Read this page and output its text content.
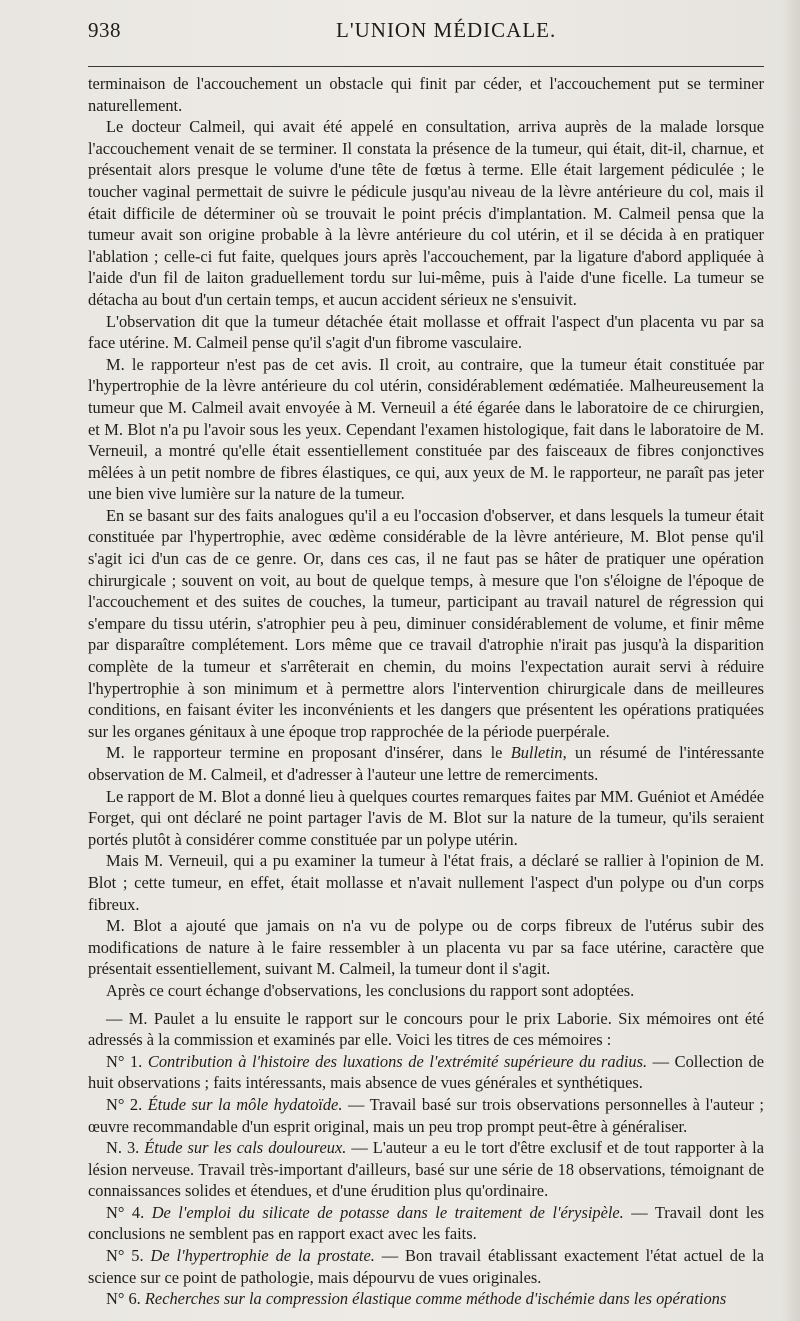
938	L'UNION MÉDICALE.

terminaison de l'accouchement un obstacle qui finit par céder, et l'accouchement put se terminer naturellement.

Le docteur Calmeil, qui avait été appelé en consultation, arriva auprès de la malade lorsque l'accouchement venait de se terminer. Il constata la présence de la tumeur, qui était, dit-il, charnue, et présentait alors presque le volume d'une tête de fœtus à terme. Elle était largement pédiculée ; le toucher vaginal permettait de suivre le pédicule jusqu'au niveau de la lèvre antérieure du col, mais il était difficile de déterminer où se trouvait le point précis d'implantation. M. Calmeil pensa que la tumeur avait son origine probable à la lèvre antérieure du col utérin, et il se décida à en pratiquer l'ablation ; celle-ci fut faite, quelques jours après l'accouchement, par la ligature d'abord appliquée à l'aide d'un fil de laiton graduellement tordu sur lui-même, puis à l'aide d'une ficelle. La tumeur se détacha au bout d'un certain temps, et aucun accident sérieux ne s'ensuivit.

L'observation dit que la tumeur détachée était mollasse et offrait l'aspect d'un placenta vu par sa face utérine. M. Calmeil pense qu'il s'agit d'un fibrome vasculaire.

M. le rapporteur n'est pas de cet avis. Il croit, au contraire, que la tumeur était constituée par l'hypertrophie de la lèvre antérieure du col utérin, considérablement œdématiée. Malheureusement la tumeur que M. Calmeil avait envoyée à M. Verneuil a été égarée dans le laboratoire de ce chirurgien, et M. Blot n'a pu l'avoir sous les yeux. Cependant l'examen histologique, fait dans le laboratoire de M. Verneuil, a montré qu'elle était essentiellement constituée par des faisceaux de fibres conjonctives mêlées à un petit nombre de fibres élastiques, ce qui, aux yeux de M. le rapporteur, ne paraît pas jeter une bien vive lumière sur la nature de la tumeur.

En se basant sur des faits analogues qu'il a eu l'occasion d'observer, et dans lesquels la tumeur était constituée par l'hypertrophie, avec œdème considérable de la lèvre antérieure, M. Blot pense qu'il s'agit ici d'un cas de ce genre. Or, dans ces cas, il ne faut pas se hâter de pratiquer une opération chirurgicale ; souvent on voit, au bout de quelque temps, à mesure que l'on s'éloigne de l'époque de l'accouchement et des suites de couches, la tumeur, participant au travail naturel de régression qui s'empare du tissu utérin, s'atrophier peu à peu, diminuer considérablement de volume, et finir même par disparaître complétement. Lors même que ce travail d'atrophie n'irait pas jusqu'à la disparition complète de la tumeur et s'arrêterait en chemin, du moins l'expectation aurait servi à réduire l'hypertrophie à son minimum et à permettre alors l'intervention chirurgicale dans de meilleures conditions, en faisant éviter les inconvénients et les dangers que présentent les opérations pratiquées sur les organes génitaux à une époque trop rapprochée de la période puerpérale.

M. le rapporteur termine en proposant d'insérer, dans le Bulletin, un résumé de l'intéressante observation de M. Calmeil, et d'adresser à l'auteur une lettre de remerciments.

Le rapport de M. Blot a donné lieu à quelques courtes remarques faites par MM. Guéniot et Amédée Forget, qui ont déclaré ne point partager l'avis de M. Blot sur la nature de la tumeur, qu'ils seraient portés plutôt à considérer comme constituée par un polype utérin.

Mais M. Verneuil, qui a pu examiner la tumeur à l'état frais, a déclaré se rallier à l'opinion de M. Blot ; cette tumeur, en effet, était mollasse et n'avait nullement l'aspect d'un polype ou d'un corps fibreux.

M. Blot a ajouté que jamais on n'a vu de polype ou de corps fibreux de l'utérus subir des modifications de nature à le faire ressembler à un placenta vu par sa face utérine, caractère que présentait essentiellement, suivant M. Calmeil, la tumeur dont il s'agit.

Après ce court échange d'observations, les conclusions du rapport sont adoptées.

— M. Paulet a lu ensuite le rapport sur le concours pour le prix Laborie. Six mémoires ont été adressés à la commission et examinés par elle. Voici les titres de ces mémoires :

N° 1. Contribution à l'histoire des luxations de l'extrémité supérieure du radius. — Collection de huit observations ; faits intéressants, mais absence de vues générales et synthétiques.

N° 2. Étude sur la môle hydatoïde. — Travail basé sur trois observations personnelles à l'auteur ; œuvre recommandable d'un esprit original, mais un peu trop prompt peut-être à généraliser.

N. 3. Étude sur les cals douloureux. — L'auteur a eu le tort d'être exclusif et de tout rapporter à la lésion nerveuse. Travail très-important d'ailleurs, basé sur une série de 18 observations, témoignant de connaissances solides et étendues, et d'une érudition plus qu'ordinaire.

N° 4. De l'emploi du silicate de potasse dans le traitement de l'érysipèle. — Travail dont les conclusions ne semblent pas en rapport exact avec les faits.

N° 5. De l'hypertrophie de la prostate. — Bon travail établissant exactement l'état actuel de la science sur ce point de pathologie, mais dépourvu de vues originales.

N° 6. Recherches sur la compression élastique comme méthode d'ischémie dans les opérations
